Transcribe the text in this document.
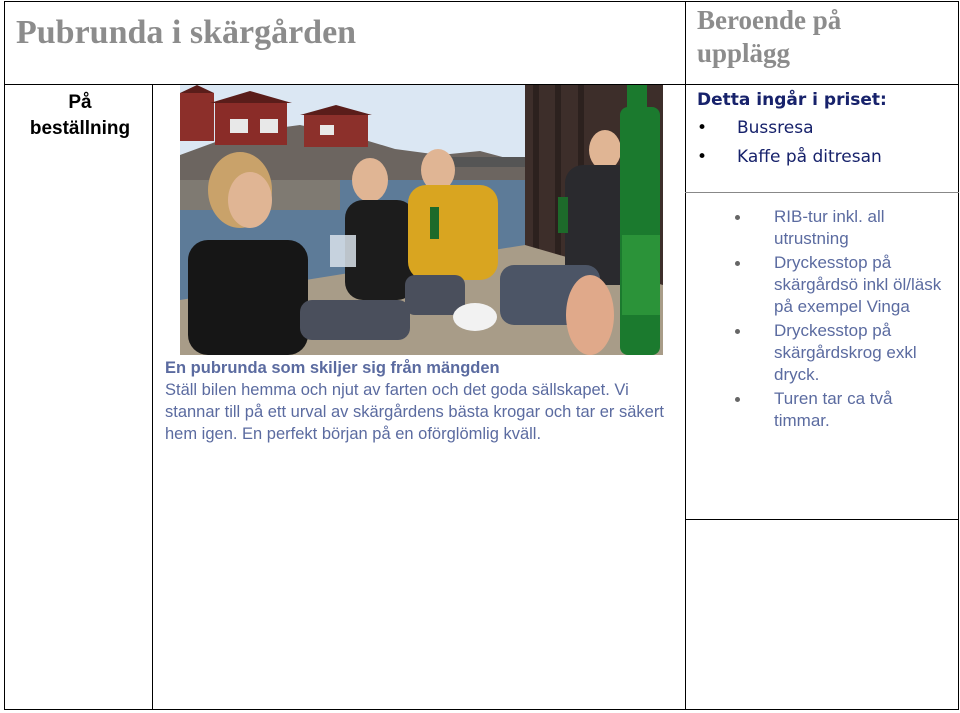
Pubrunda i skärgården
På beställning
Beroende på upplägg
Detta ingår i priset:
• Bussresa
• Kaffe på ditresan
RIB-tur inkl. all utrustning
Dryckesstop på skärgårdsö inkl öl/läsk på exempel Vinga
Dryckesstop på skärgårdskrog exkl dryck.
Turen tar ca två timmar.
En pubrunda som skiljer sig från mängden
Ställ bilen hemma och njut av farten och det goda sällskapet. Vi stannar till på ett urval av skärgårdens bästa krogar och tar er säkert hem igen. En perfekt början på en oförglömlig kväll.
